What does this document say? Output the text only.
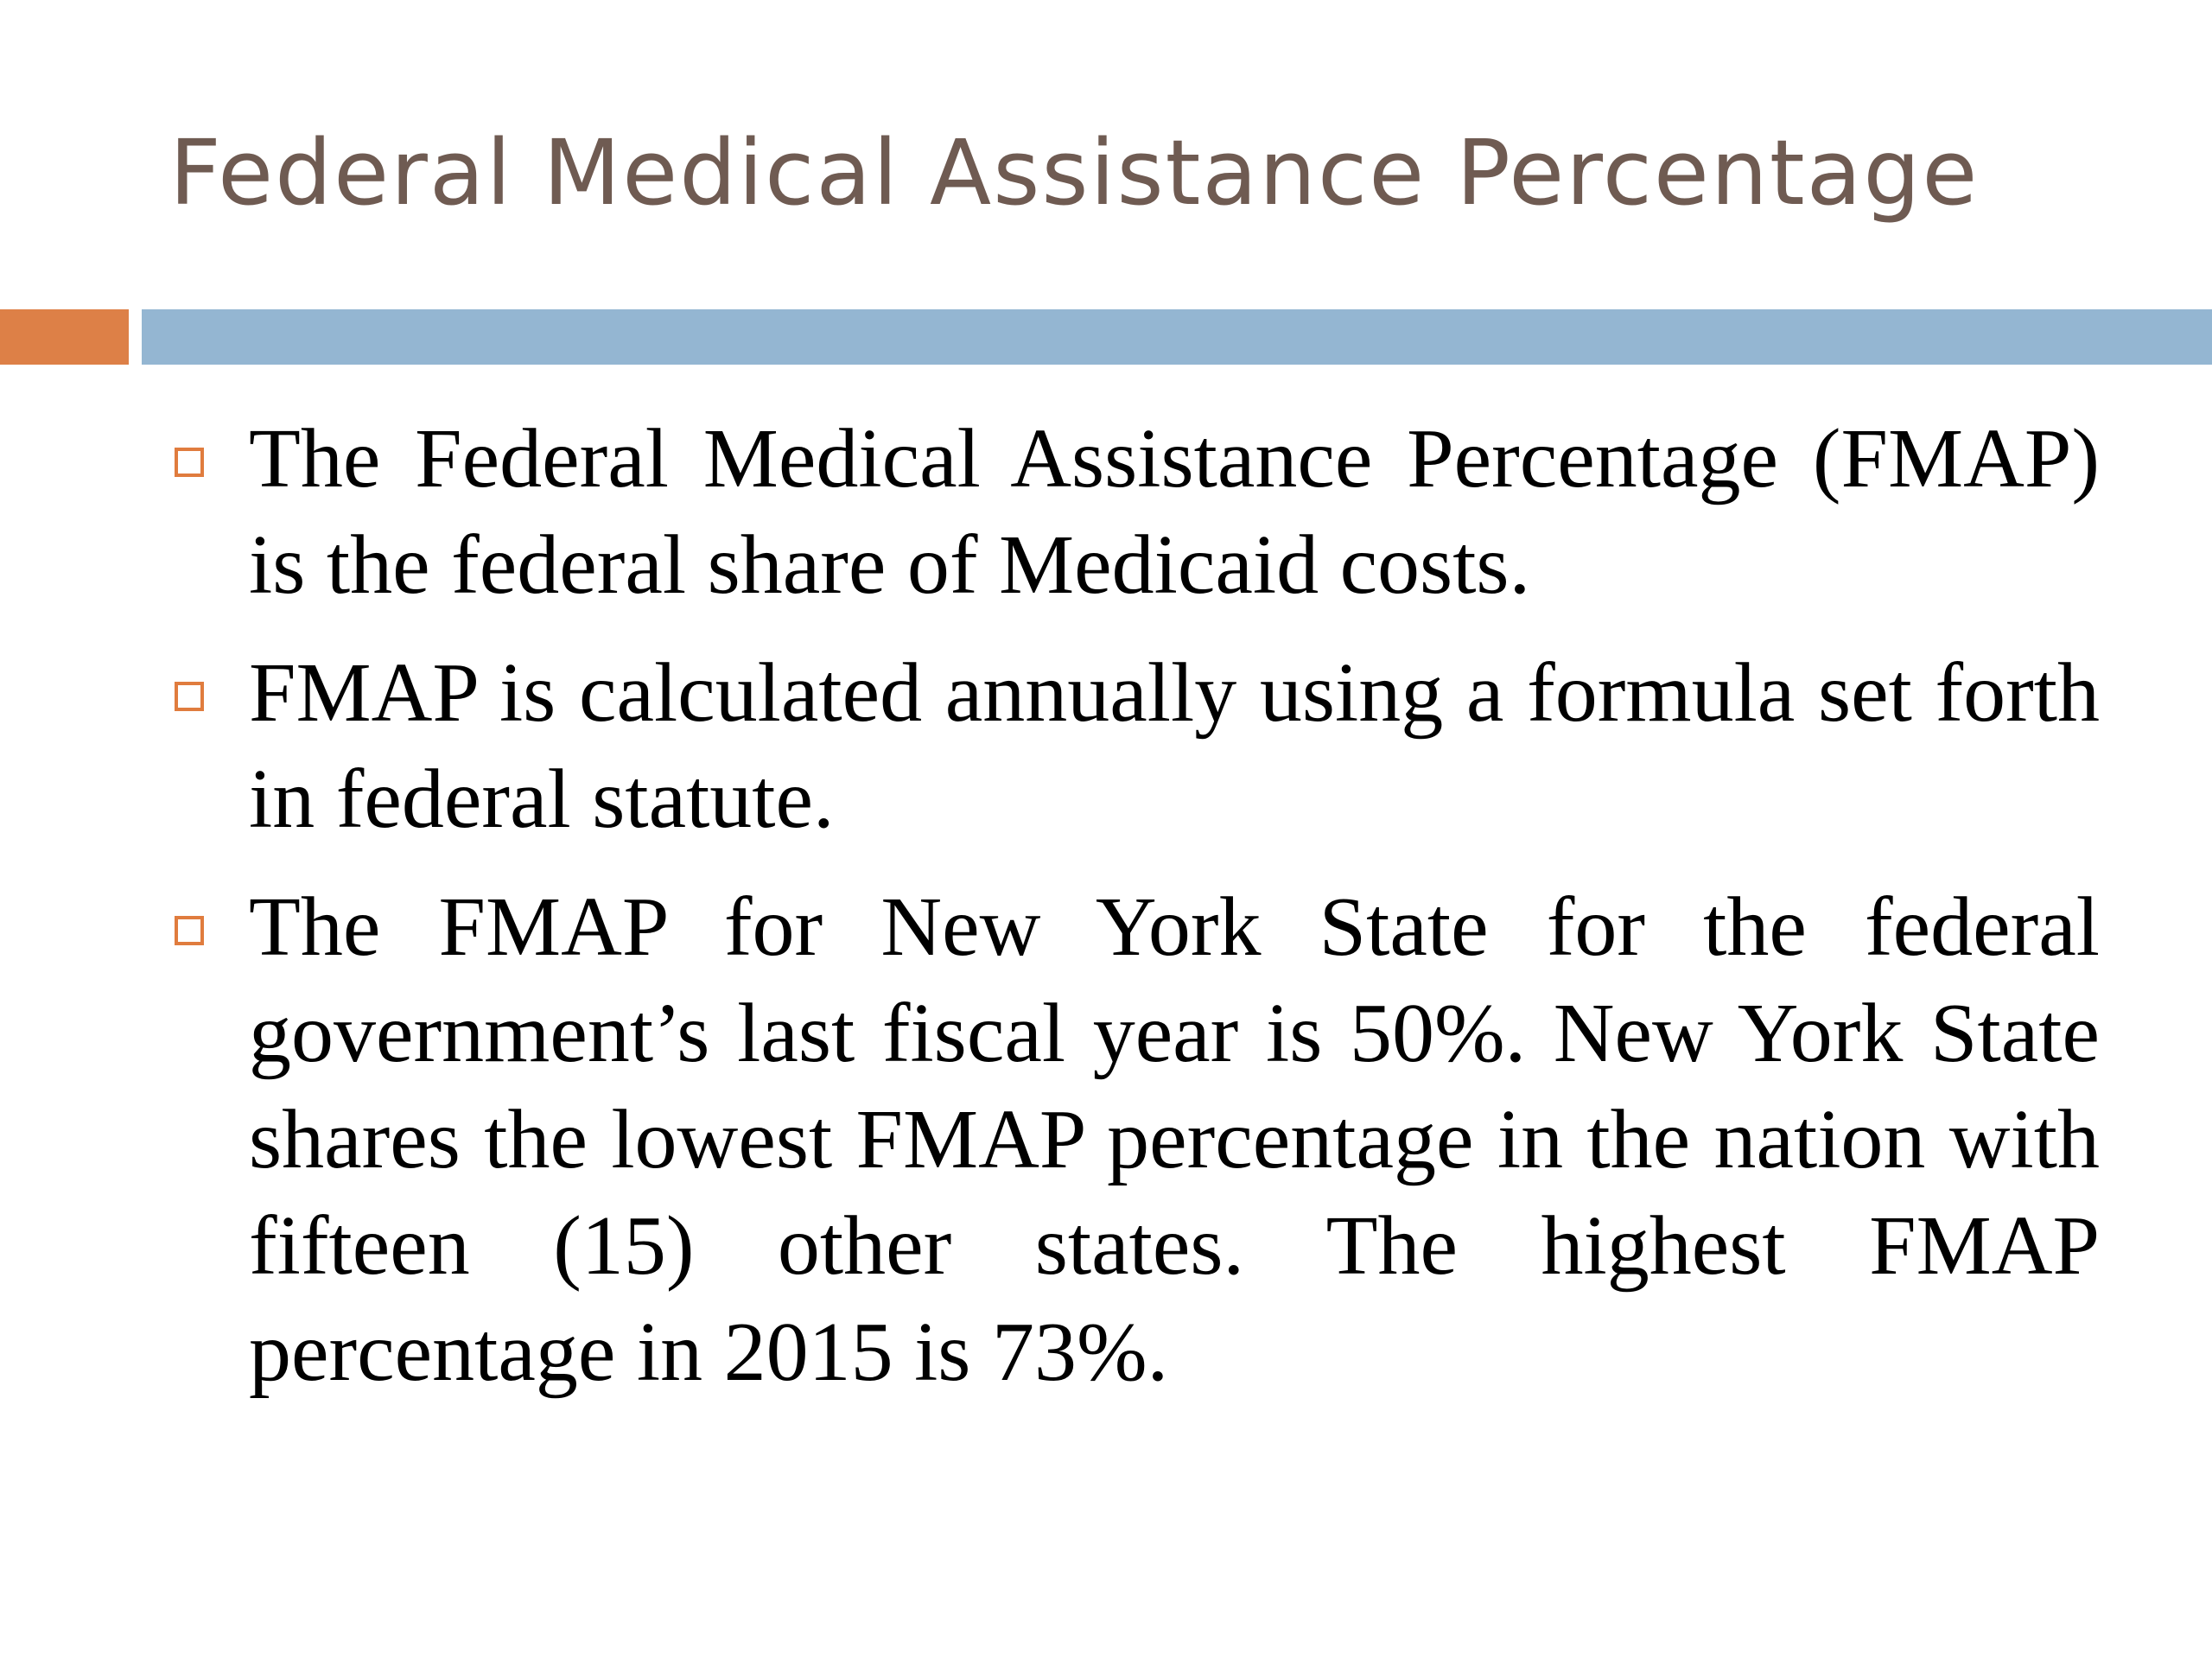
Federal Medical Assistance Percentage
The Federal Medical Assistance Percentage (FMAP) is the federal share of Medicaid costs.
FMAP is calculated annually using a formula set forth in federal statute.
The FMAP for New York State for the federal government’s last fiscal year is 50%. New York State shares the lowest FMAP percentage in the nation with fifteen (15) other states. The highest FMAP percentage in 2015 is 73%.
